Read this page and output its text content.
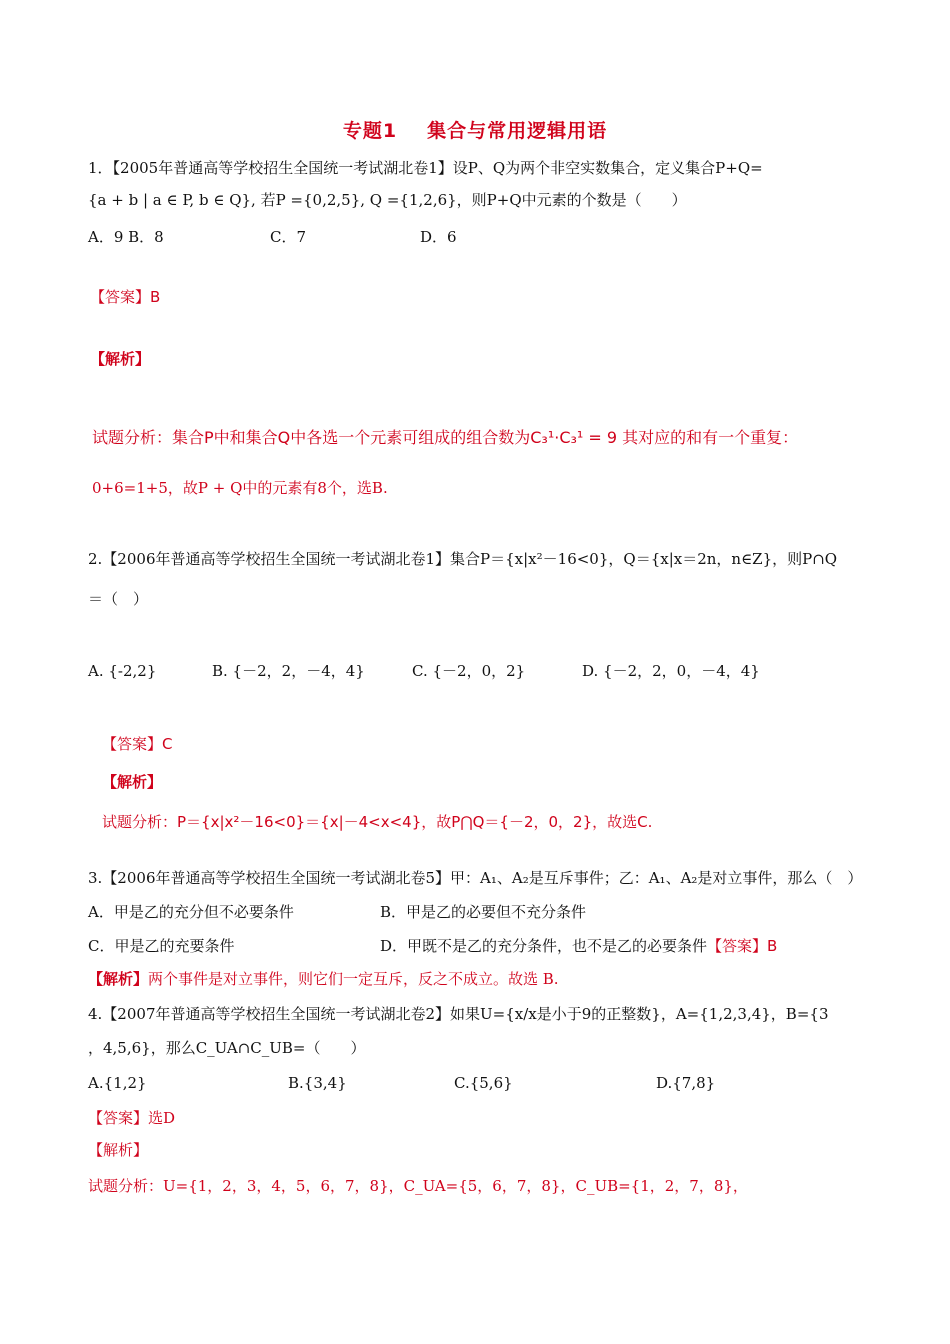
专题1 集合与常用逻辑用语
1．【2005年普通高等学校招生全国统一考试湖北卷1】设P、Q为两个非空实数集合，定义集合P+Q=
{a + b | a ∈ P, b ∈ Q}, 若P ={0,2,5}, Q ={1,2,6}，则P+Q中元素的个数是（　　）
A．9 B．8	C．7	D．6
【答案】B
【解析】
试题分析：集合P中和集合Q中各选一个元素可组成的组合数为C₃¹·C₃¹ = 9 其对应的和有一个重复：
0+6=1+5，故P + Q中的元素有8个，选B.
2.【2006年普通高等学校招生全国统一考试湖北卷1】集合P＝{x|x²－16<0}，Q＝{x|x＝2n，n∈Z}，则P∩Q
＝（　）
A. {-2,2}	B. {－2，2，－4，4}	C. {－2，0，2}	D. {－2，2，0，－4，4}
【答案】C
【解析】
试题分析：P＝{x|x²－16<0}＝{x|－4<x<4}，故P⋂Q＝{－2，0，2}，故选C.
3.【2006年普通高等学校招生全国统一考试湖北卷5】甲：A₁、A₂是互斥事件；乙：A₁、A₂是对立事件，那么（　）
A．甲是乙的充分但不必要条件	B．甲是乙的必要但不充分条件
C．甲是乙的充要条件	D．甲既不是乙的充分条件，也不是乙的必要条件【答案】B
【解析】两个事件是对立事件，则它们一定互斥，反之不成立。故选 B.
4.【2007年普通高等学校招生全国统一考试湖北卷2】如果U={x/x是小于9的正整数}，A={1,2,3,4}，B={3
，4,5,6}，那么C_UA∩C_UB=（　　）
A.{1,2}	B.{3,4}	C.{5,6}	D.{7,8}
【答案】选D
【解析】
试题分析：U={1，2，3，4，5，6，7，8}，C_UA={5，6，7，8}，C_UB={1，2，7，8}，
